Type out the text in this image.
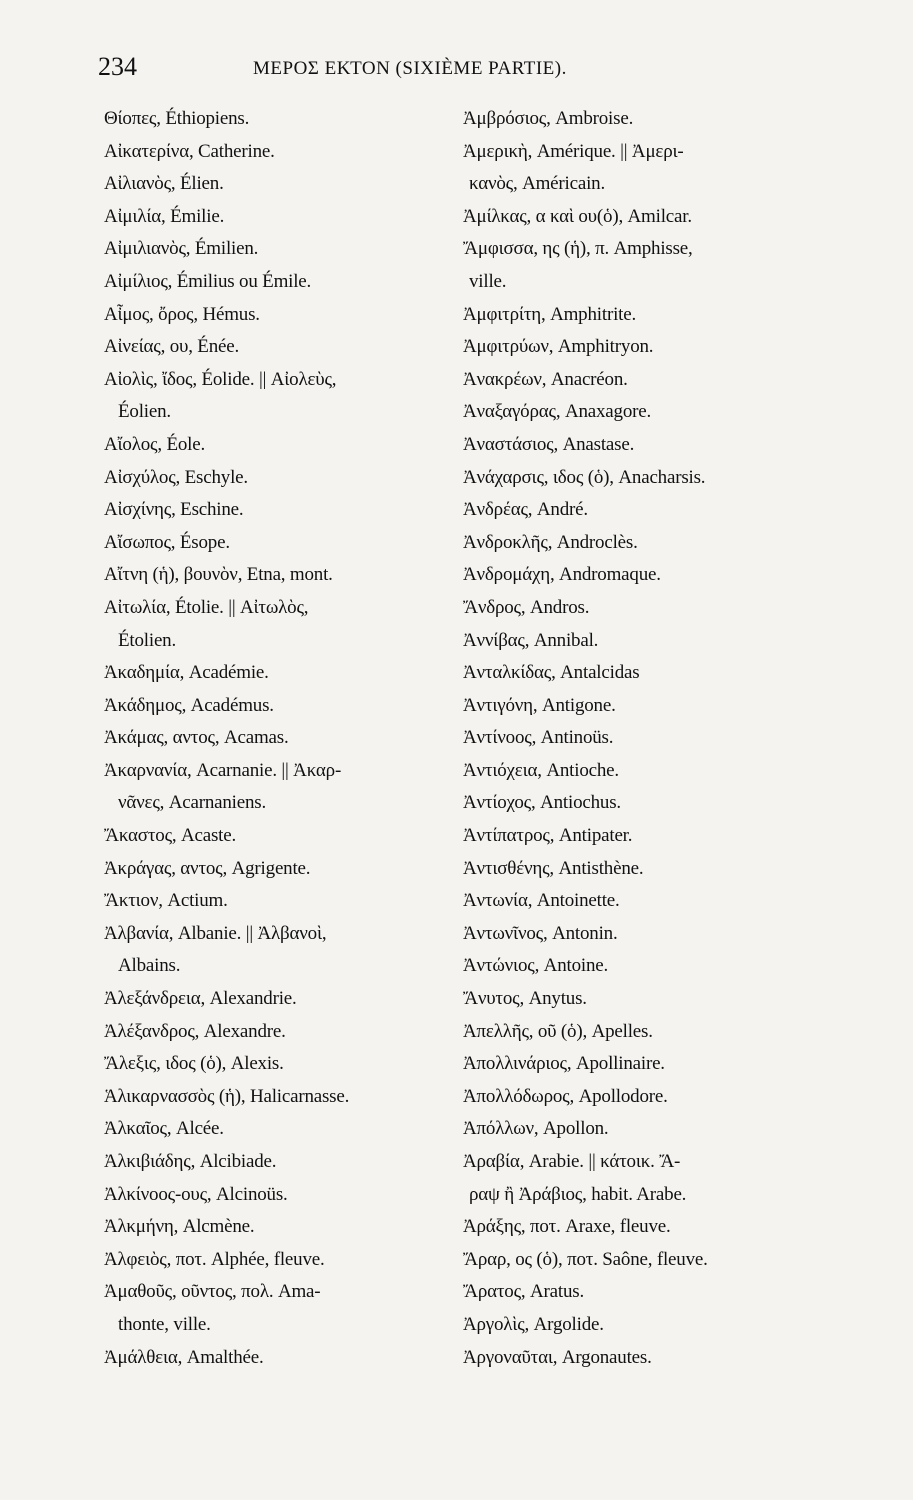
234	ΜΕΡΟΣ ΕΚΤΟΝ (SIXIÈME PARTIE).
Θίοπες, Éthiopiens.
Αἰκατερίνα, Catherine.
Αἰλιανὸς, Élien.
Αἰμιλία, Émilie.
Αἰμιλιανὸς, Émilien.
Αἰμίλιος, Émilius ou Émile.
Αἶμος, ὄρος, Hémus.
Αἰνείας, ου, Énée.
Αἰολὶς, ἴδος, Éolide. || Αἰολεὺς,
Éolien.
Αἴολος, Éole.
Αἰσχύλος, Eschyle.
Αἰσχίνης, Eschine.
Αἴσωπος, Ésope.
Αἴτνη (ἡ), βουνὸν, Etna, mont.
Αἰτωλία, Étolie. || Αἰτωλὸς,
Étolien.
Ἀκαδημία, Académie.
Ἀκάδημος, Académus.
Ἀκάμας, αντος, Acamas.
Ἀκαρνανία, Acarnanie. || Ἀκαρ-
νᾶνες, Acarnaniens.
Ἄκαστος, Acaste.
Ἀκράγας, αντος, Agrigente.
Ἄκτιον, Actium.
Ἀλβανία, Albanie. || Ἀλβανοὶ,
Albains.
Ἀλεξάνδρεια, Alexandrie.
Ἀλέξανδρος, Alexandre.
Ἄλεξις, ιδος (ὁ), Alexis.
Ἁλικαρνασσὸς (ἡ), Halicarnasse.
Ἀλκαῖος, Alcée.
Ἀλκιβιάδης, Alcibiade.
Ἀλκίνοος-ους, Alcinoüs.
Ἀλκμήνη, Alcmène.
Ἀλφειὸς, ποτ. Alphée, fleuve.
Ἀμαθοῦς, οῦντος, πολ. Ama-
thonte, ville.
Ἀμάλθεια, Amalthée.
Ἀμβρόσιος, Ambroise.
Ἀμερικὴ, Amérique. || Ἀμερι-
κανὸς, Américain.
Ἀμίλκας, α καὶ ου(ὁ), Amilcar.
Ἄμφισσα, ης (ἡ), π. Amphisse,
ville.
Ἀμφιτρίτη, Amphitrite.
Ἀμφιτρύων, Amphitryon.
Ἀνακρέων, Anacréon.
Ἀναξαγόρας, Anaxagore.
Ἀναστάσιος, Anastase.
Ἀνάχαρσις, ιδος (ὁ), Anacharsis.
Ἀνδρέας, André.
Ἀνδροκλῆς, Androclès.
Ἀνδρομάχη, Andromaque.
Ἄνδρος, Andros.
Ἀννίβας, Annibal.
Ἀνταλκίδας, Antalcidas
Ἀντιγόνη, Antigone.
Ἀντίνοος, Antinoüs.
Ἀντιόχεια, Antioche.
Ἀντίοχος, Antiochus.
Ἀντίπατρος, Antipater.
Ἀντισθένης, Antisthène.
Ἀντωνία, Antoinette.
Ἀντωνῖνος, Antonin.
Ἀντώνιος, Antoine.
Ἄνυτος, Anytus.
Ἀπελλῆς, οῦ (ὁ), Apelles.
Ἀπολλινάριος, Apollinaire.
Ἀπολλόδωρος, Apollodore.
Ἀπόλλων, Apollon.
Ἀραβία, Arabie. || κάτοικ. Ἄ-
ραψ ἢ Ἀράβιος, habit. Arabe.
Ἀράξης, ποτ. Araxe, fleuve.
Ἄραρ, ος (ὁ), ποτ. Saône, fleuve.
Ἄρατος, Aratus.
Ἀργολὶς, Argolide.
Ἀργοναῦται, Argonautes.
